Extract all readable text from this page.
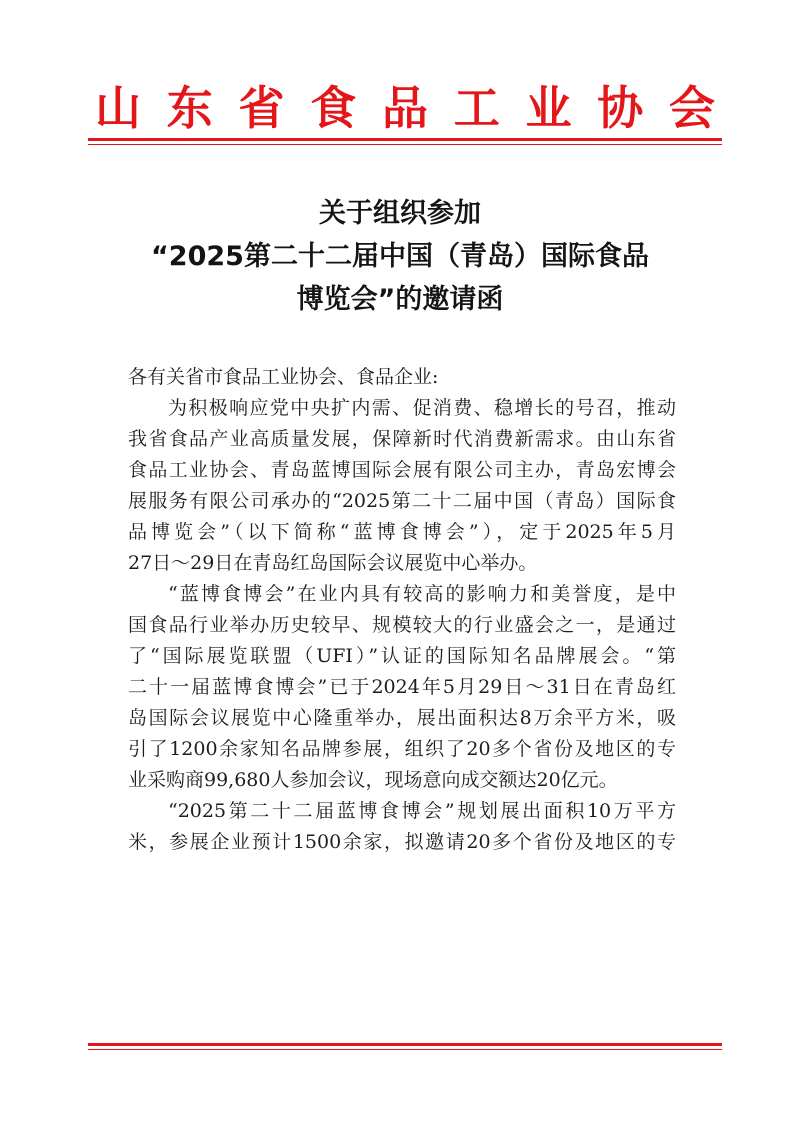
山 东 省 食 品 工 业 协 会
关于组织参加
“2025第二十二届中国（青岛）国际食品
博览会”的邀请函

各有关省市食品工业协会、食品企业:

为积极响应党中央扩内需、促消费、稳增长的号召，推动
我省食品产业高质量发展，保障新时代消费新需求。由山东省
食品工业协会、青岛蓝博国际会展有限公司主办，青岛宏博会
展服务有限公司承办的“2025第二十二届中国（青岛）国际食
品博览会”（以下简称“蓝博食博会”），定于2025年5月
27日～29日在青岛红岛国际会议展览中心举办。

“蓝博食博会”在业内具有较高的影响力和美誉度，是中
国食品行业举办历史较早、规模较大的行业盛会之一，是通过
了“国际展览联盟（UFI）”认证的国际知名品牌展会。“第
二十一届蓝博食博会”已于2024年5月29日～31日在青岛红
岛国际会议展览中心隆重举办，展出面积达8万余平方米，吸
引了1200余家知名品牌参展，组织了20多个省份及地区的专
业采购商99,680人参加会议，现场意向成交额达20亿元。

“2025第二十二届蓝博食博会”规划展出面积10万平方
米，参展企业预计1500余家，拟邀请20多个省份及地区的专
